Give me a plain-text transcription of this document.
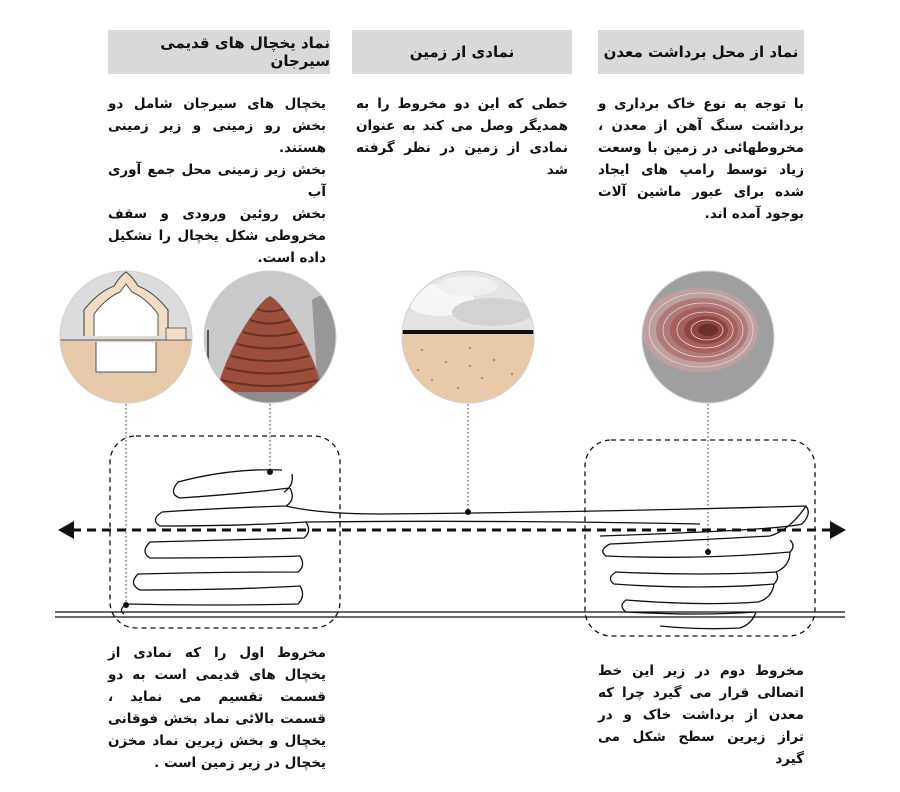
نماد یخچال های قدیمی سیرجان	نمادی از زمین	نماد از محل برداشت معدن
یخچال های سیرجان شامل دو بخش رو زمینی و زیر زمینی هستند.
بخش زیر زمینی محل جمع آوری آب
بخش روئین ورودی و سقف مخروطی شکل یخچال را تشکیل داده است.
خطی که این دو مخروط را به همدیگر وصل می کند به عنوان نمادی از زمین در نظر گرفته شد
با توجه به نوع خاک برداری و برداشت سنگ آهن از معدن ، مخروطهائی در زمین با وسعت زیاد توسط رامپ های ایجاد شده برای عبور ماشین آلات بوجود آمده اند.
مخروط اول را که نمادی از یخچال های قدیمی است به دو قسمت تقسیم می نماید ، قسمت بالائی نماد بخش فوقانی یخچال و بخش زیرین نماد مخزن یخچال در زیر زمین است .
مخروط دوم در زیر این خط اتصالی قرار می گیرد چرا که معدن از برداشت خاک و در تراز زیرین سطح شکل می گیرد
